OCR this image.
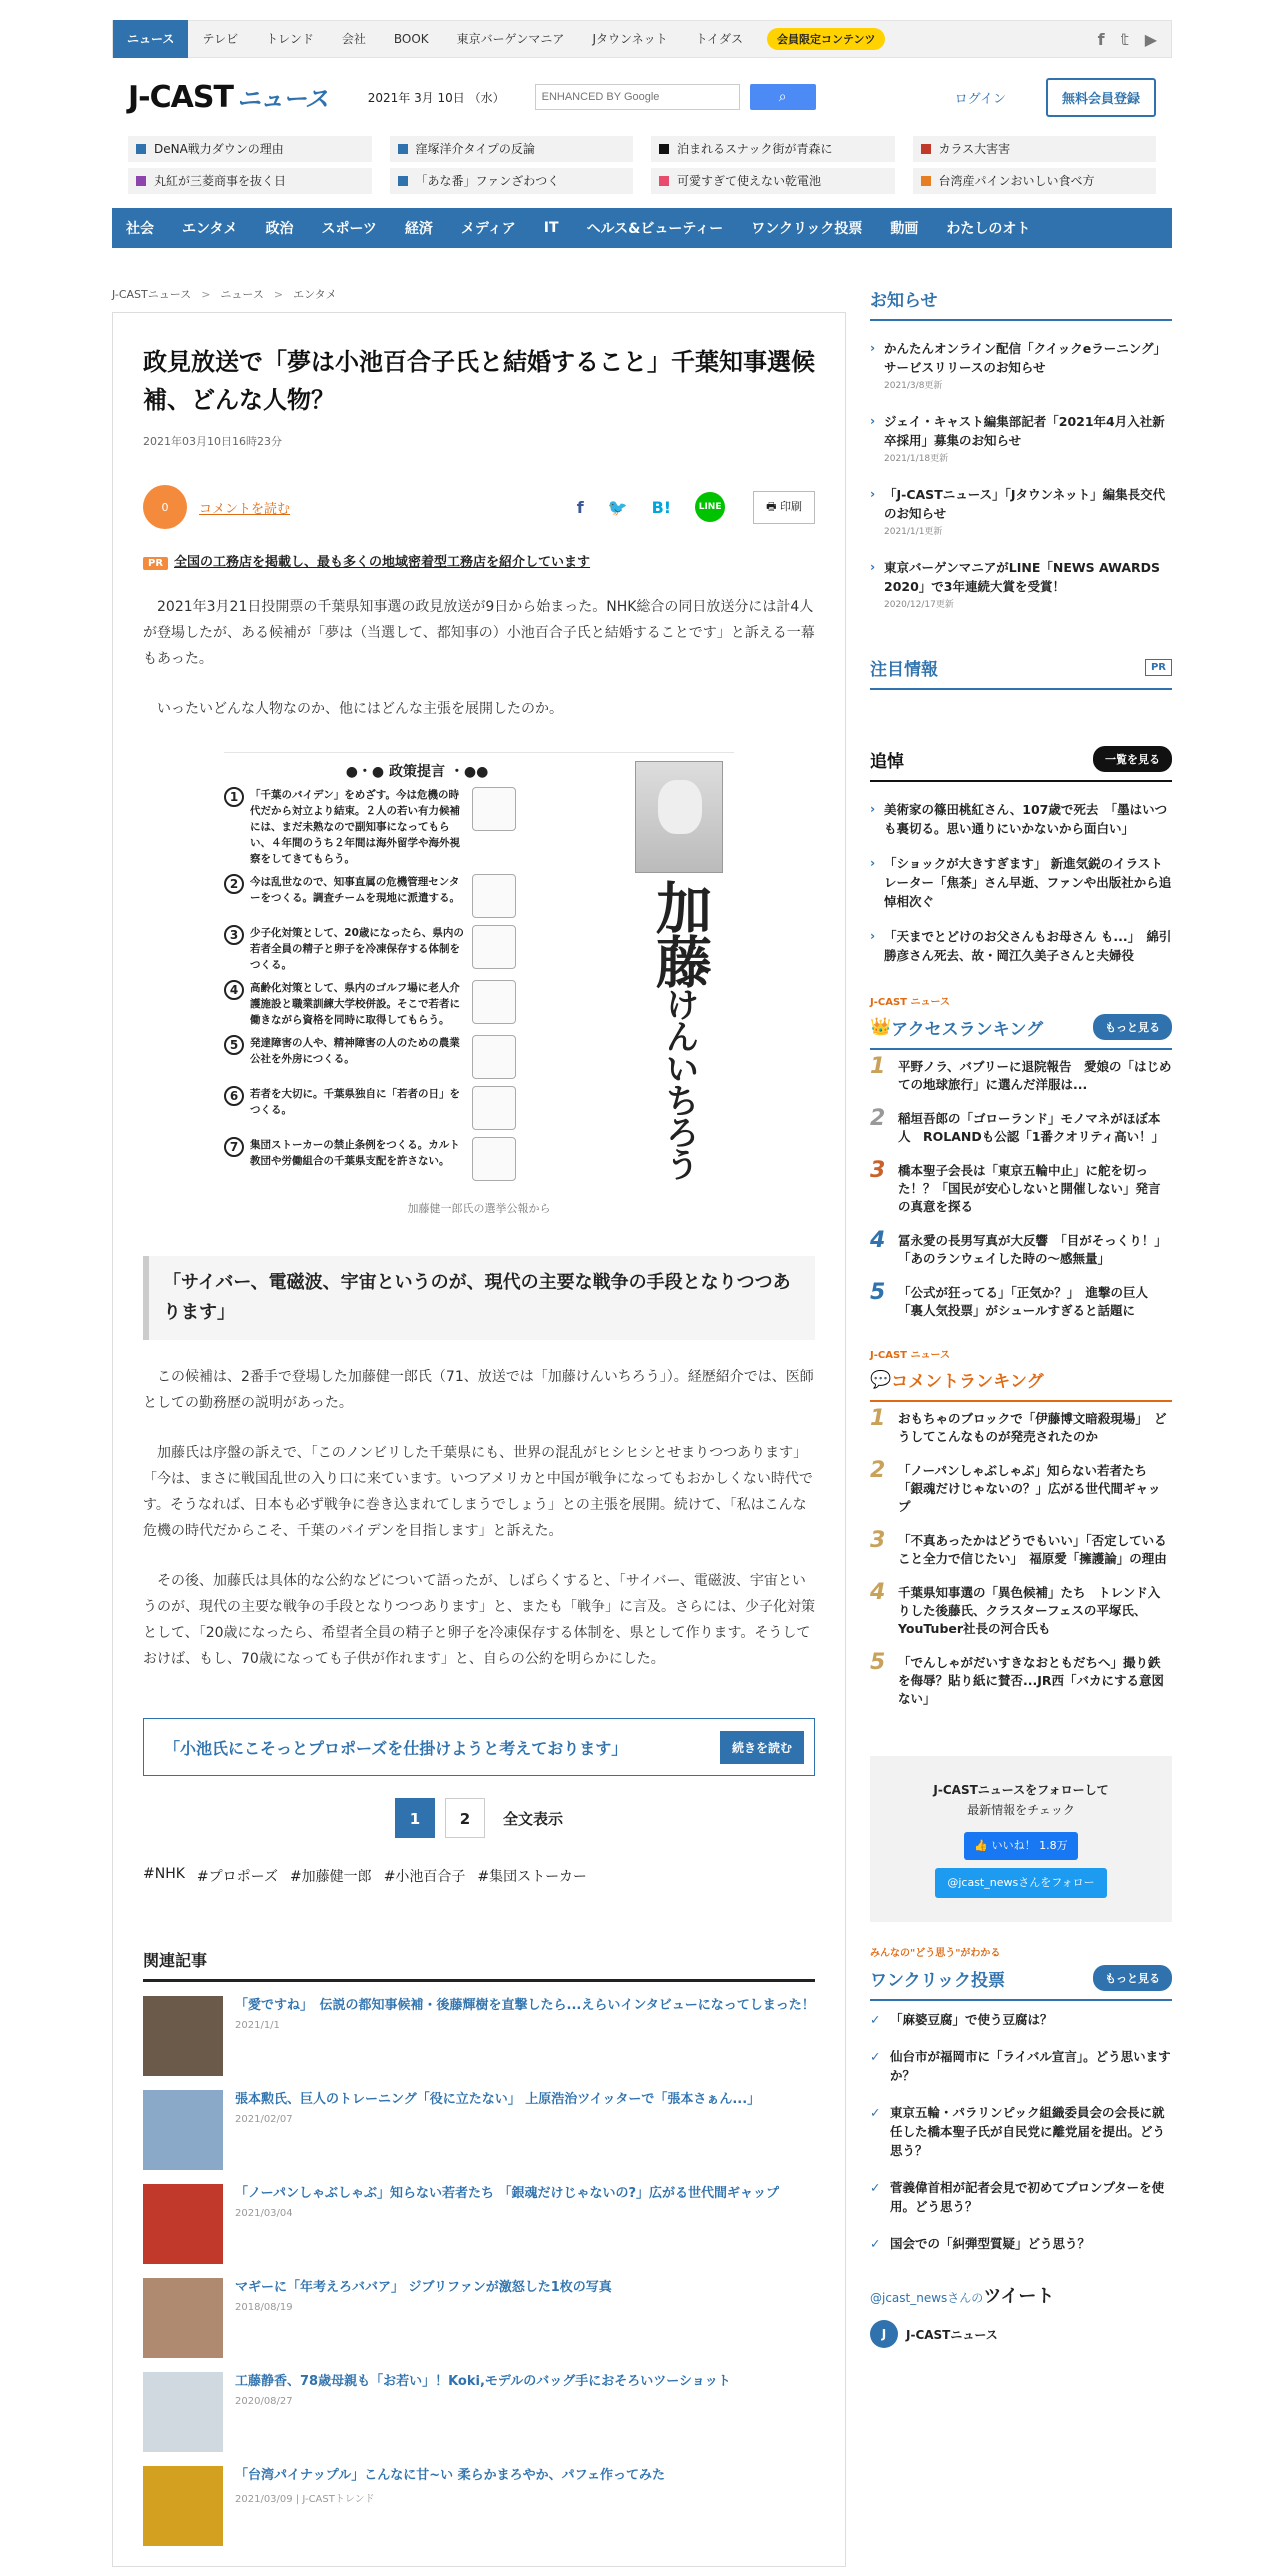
ニュース	テレビ	トレンド	会社	BOOK	東京バーゲンマニア	Jタウンネット	トイダス	会員限定コンテンツ	f 𝕥 ▶
J-CAST ニュース	2021年 3月 10日 （水）
ENHANCED BY Google	⌕	ログイン	無料会員登録
DeNA戦力ダウンの理由	窪塚洋介タイプの反論	泊まれるスナック街が青森に	カラス大害害
丸紅が三菱商事を抜く日	「あな番」ファンざわつく	可愛すぎて使えない乾電池	台湾産パインおいしい食べ方
社会	エンタメ	政治	スポーツ	経済	メディア	IT	ヘルス&ビューティー	ワンクリック投票	動画	わたしのオト
J-CASTニュース > ニュース > エンタメ
政見放送で「夢は小池百合子氏と結婚すること」千葉知事選候補、どんな人物？
2021年03月10日16時23分
0	コメントを読む	f 🐦 B!	LINE	🖶 印刷
PR 全国の工務店を掲載し、最も多くの地域密着型工務店を紹介しています

2021年3月21日投開票の千葉県知事選の政見放送が9日から始まった。NHK総合の同日放送分には計4人が登場したが、ある候補が「夢は（当選して、都知事の）小池百合子氏と結婚することです」と訴える一幕もあった。

いったいどんな人物なのか、他にはどんな主張を展開したのか。

●・● 政策提言 ・●●
1	「千葉のバイデン」をめざす。今は危機の時代だから対立より結束。２人の若い有力候補には、まだ未熟なので副知事になってもらい、４年間のうち２年間は海外留学や海外視察をしてきてもらう。
2	今は乱世なので、知事直属の危機管理センターをつくる。調査チームを現地に派遣する。
3	少子化対策として、20歳になったら、県内の若者全員の精子と卵子を冷凍保存する体制をつくる。
4	高齢化対策として、県内のゴルフ場に老人介護施設と職業訓練大学校併設。そこで若者に働きながら資格を同時に取得してもらう。
5	発達障害の人や、精神障害の人のための農業公社を外房につくる。
6	若者を大切に。千葉県独自に「若者の日」をつくる。
7	集団ストーカーの禁止条例をつくる。カルト教団や労働組合の千葉県支配を許さない。
加藤けんいちろう
加藤健一郎氏の選挙公報から
「サイバー、電磁波、宇宙というのが、現代の主要な戦争の手段となりつつあります」

この候補は、2番手で登場した加藤健一郎氏（71、放送では「加藤けんいちろう」）。経歴紹介では、医師としての勤務歴の説明があった。

加藤氏は序盤の訴えで、「このノンビリした千葉県にも、世界の混乱がヒシヒシとせまりつつあります」「今は、まさに戦国乱世の入り口に来ています。いつアメリカと中国が戦争になってもおかしくない時代です。そうなれば、日本も必ず戦争に巻き込まれてしまうでしょう」との主張を展開。続けて、「私はこんな危機の時代だからこそ、千葉のバイデンを目指します」と訴えた。

その後、加藤氏は具体的な公約などについて語ったが、しばらくすると、「サイバー、電磁波、宇宙というのが、現代の主要な戦争の手段となりつつあります」と、またも「戦争」に言及。さらには、少子化対策として、「20歳になったら、希望者全員の精子と卵子を冷凍保存する体制を、県として作ります。そうしておけば、もし、70歳になっても子供が作れます」と、自らの公約を明らかにした。

「小池氏にこそっとプロポーズを仕掛けようと考えております」	続きを読む
1	2	全文表示
#NHK #プロポーズ #加藤健一郎 #小池百合子 #集団ストーカー
関連記事
「愛ですね」　伝説の都知事候補・後藤輝樹を直撃したら...えらいインタビューになってしまった！
2021/1/1
張本勲氏、巨人のトレーニング「役に立たない」 上原浩治ツイッターで「張本さぁん...」
2021/02/07
「ノーパンしゃぶしゃぶ」知らない若者たち 「銀魂だけじゃないの?」広がる世代間ギャップ
2021/03/04
マギーに「年考えろババア」 ジブリファンが激怒した1枚の写真
2018/08/19
工藤静香、78歳母親も「お若い」！Koki,モデルのバッグ手におそろいツーショット
2020/08/27
「台湾パイナップル」こんなに甘~い 柔らかまろやか、パフェ作ってみた
2021/03/09 | J-CASTトレンド
お知らせ
› かんたんオンライン配信「クイックeラーニング」サービスリリースのお知らせ
2021/3/8更新
› ジェイ・キャスト編集部記者「2021年4月入社新卒採用」募集のお知らせ
2021/1/18更新
› 「J-CASTニュース」「Jタウンネット」編集長交代のお知らせ
2021/1/1更新
› 東京バーゲンマニアがLINE「NEWS AWARDS 2020」で3年連続大賞を受賞！
2020/12/17更新
注目情報	PR
追悼	一覧を見る
› 美術家の篠田桃紅さん、107歳で死去　「墨はいつも裏切る。思い通りにいかないから面白い」
› 「ショックが大きすぎます」 新進気鋭のイラストレーター「焦茶」さん早逝、ファンや出版社から追悼相次ぐ
› 「天までとどけのお父さんもお母さん も...」　綿引勝彦さん死去、故・岡江久美子さんと夫婦役
J-CAST ニュース
👑 アクセスランキング	もっと見る
1	平野ノラ、バブリーに退院報告　愛娘の「はじめての地球旅行」に選んだ洋服は...
2	稲垣吾郎の「ゴローランド」モノマネがほぼ本人　ROLANDも公認「1番クオリティ高い！」
3	橋本聖子会長は「東京五輪中止」に舵を切った！？「国民が安心しないと開催しない」発言の真意を探る
4	冨永愛の長男写真が大反響　「目がそっくり！」「あのランウェイした時の～感無量」
5	「公式が狂ってる」「正気か？」　進撃の巨人「裏人気投票」がシュールすぎると話題に
J-CAST ニュース
💬 コメントランキング
1	おもちゃのブロックで「伊藤博文暗殺現場」　どうしてこんなものが発売されたのか
2	「ノーパンしゃぶしゃぶ」知らない若者たち 「銀魂だけじゃないの？」広がる世代間ギャップ
3	「不真あったかはどうでもいい」「否定していること全力で信じたい」　福原愛「擁護論」の理由
4	千葉県知事選の「異色候補」たち　トレンド入りした後藤氏、クラスターフェスの平塚氏、YouTuber社長の河合氏も
5	「でんしゃがだいすきなおともだちへ」撮り鉄を侮辱？貼り紙に賛否...JR西「バカにする意図ない」
J-CASTニュースをフォローして
最新情報をチェック
👍 いいね！ 1.8万
@jcast_newsさんをフォロー
みんなの"どう思う"がわかる
ワンクリック投票	もっと見る
✓ 「麻婆豆腐」で使う豆腐は？
✓ 仙台市が福岡市に「ライバル宣言」。どう思いますか？
✓ 東京五輪・パラリンピック組織委員会の会長に就任した橋本聖子氏が自民党に離党届を提出。どう思う？
✓ 菅義偉首相が記者会見で初めてプロンプターを使用。どう思う？
✓ 国会での「糾弾型質疑」どう思う？
@jcast_newsさんのツイート
J	J-CASTニュース
